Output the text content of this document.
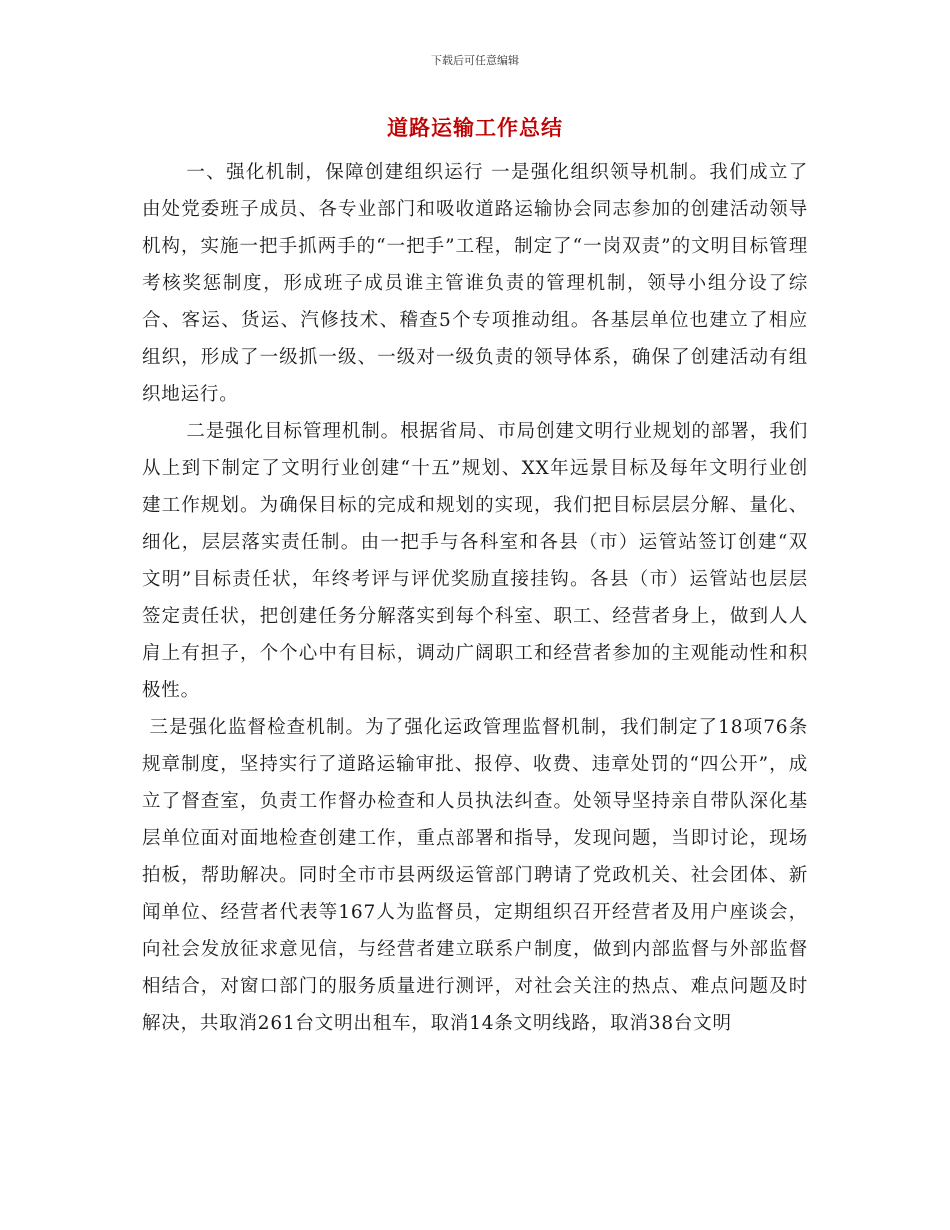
下载后可任意编辑
道路运输工作总结

一、强化机制，保障创建组织运行 一是强化组织领导机制。我们成立了由处党委班子成员、各专业部门和吸收道路运输协会同志参加的创建活动领导机构，实施一把手抓两手的“一把手”工程，制定了“一岗双责”的文明目标管理考核奖惩制度，形成班子成员谁主管谁负责的管理机制，领导小组分设了综合、客运、货运、汽修技术、稽查5个专项推动组。各基层单位也建立了相应组织，形成了一级抓一级、一级对一级负责的领导体系，确保了创建活动有组织地运行。

二是强化目标管理机制。根据省局、市局创建文明行业规划的部署，我们从上到下制定了文明行业创建“十五”规划、XX年远景目标及每年文明行业创建工作规划。为确保目标的完成和规划的实现，我们把目标层层分解、量化、细化，层层落实责任制。由一把手与各科室和各县（市）运管站签订创建“双文明”目标责任状，年终考评与评优奖励直接挂钩。各县（市）运管站也层层签定责任状，把创建任务分解落实到每个科室、职工、经营者身上，做到人人肩上有担子，个个心中有目标，调动广阔职工和经营者参加的主观能动性和积极性。

三是强化监督检查机制。为了强化运政管理监督机制，我们制定了18项76条规章制度，坚持实行了道路运输审批、报停、收费、违章处罚的“四公开”，成立了督查室，负责工作督办检查和人员执法纠查。处领导坚持亲自带队深化基层单位面对面地检查创建工作，重点部署和指导，发现问题，当即讨论，现场拍板，帮助解决。同时全市市县两级运管部门聘请了党政机关、社会团体、新闻单位、经营者代表等167人为监督员，定期组织召开经营者及用户座谈会，向社会发放征求意见信，与经营者建立联系户制度，做到内部监督与外部监督相结合，对窗口部门的服务质量进行测评，对社会关注的热点、难点问题及时解决，共取消261台文明出租车，取消14条文明线路，取消38台文明
